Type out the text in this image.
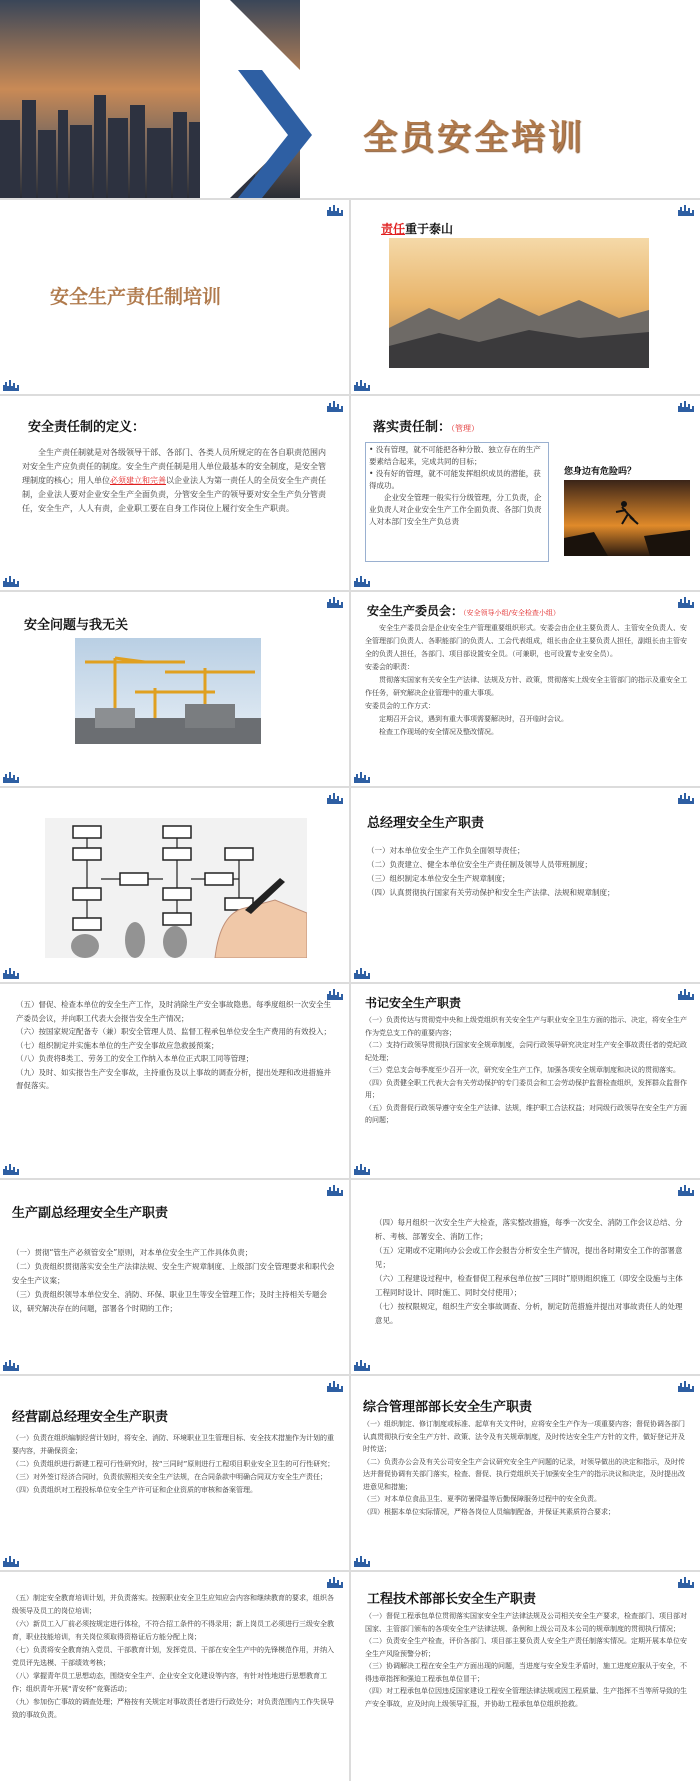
全员安全培训
安全生产责任制培训
责任重于泰山
安全责任制的定义：
全生产责任制就是对各级领导干部、各部门、各类人员所规定的在各自职责范围内对安全生产应负责任的制度。安全生产责任制是用人单位最基本的安全制度，是安全管理制度的核心；用人单位必须建立和完善以企业法人为第一责任人的全员安全生产责任制，企业法人要对企业安全生产全面负责，分管安全生产的领导要对安全生产负分管责任，安全生产，人人有责，企业职工要在自身工作岗位上履行安全生产职责。
落实责任制：（管理）
• 没有管理，就不可能把各种分散、独立存在的生产要素结合起来，完成共同的目标；
• 没有好的管理，就不可能发挥组织成员的潜能，获得成功。
企业安全管理一般实行分级管理，分工负责，企业负责人对企业安全生产工作全面负责、各部门负责人对本部门安全生产负总责
您身边有危险吗？
安全问题与我无关
安全生产委员会：（安全领导小组/安全检查小组）
安全生产委员会是企业安全生产管理重要组织形式。安委会由企业主要负责人、主管安全负责人、安全管理部门负责人、各职能部门的负责人、工会代表组成，组长由企业主要负责人担任，副组长由主管安全的负责人担任，各部门、项目部设置安全员。（可兼职，也可设置专业安全员）。
安委会的职责：
贯彻落实国家有关安全生产法律、法规及方针、政策，贯彻落实上级安全主管部门的指示及重安全工作任务，研究解决企业管理中的重大事项。
安委员会的工作方式：
定期召开会议，遇到有重大事项需要解决时，召开临时会议。
检查工作现场的安全情况及整改情况。
总经理安全生产职责
（一）对本单位安全生产工作负全面领导责任；
（二）负责建立、健全本单位安全生产责任制及领导人员带班制度；
（三）组织制定本单位安全生产规章制度；
（四）认真贯彻执行国家有关劳动保护和安全生产法律、法规和规章制度；
（五）督促、检查本单位的安全生产工作，及时消除生产安全事故隐患。每季度组织一次安全生产委员会议，并向职工代表大会报告安全生产情况；
（六）按国家规定配备专（兼）职安全管理人员、监督工程承包单位安全生产费用的有效投入；
（七）组织制定并实施本单位的生产安全事故应急救援预案；
（八）负责将8类工、劳务工的安全工作纳入本单位正式职工同等管理；
（九）及时、如实报告生产安全事故，主持重伤及以上事故的调查分析，提出处理和改进措施并督促落实。
书记安全生产职责
（一）负责传达与贯彻党中央和上级党组织有关安全生产与职业安全卫生方面的指示、决定，将安全生产作为党总支工作的重要内容；
（二）支持行政领导贯彻执行国家安全规章制度，会同行政领导研究决定对生产安全事故责任者的党纪政纪处理；
（三）党总支会每季度至少召开一次，研究安全生产工作，加强各项安全规章制度和决议的贯彻落实。
（四）负责健全职工代表大会有关劳动保护的专门委员会和工会劳动保护监督检查组织，发挥群众监督作用；
（五）负责督促行政领导遵守安全生产法律、法规，维护职工合法权益；对同级行政领导在安全生产方面的问题；
生产副总经理安全生产职责
（一）贯彻“管生产必须管安全”原则，对本单位安全生产工作具体负责；
（二）负责组织贯彻落实安全生产法律法规、安全生产规章制度、上级部门安全管理要求和职代会安全生产议案；
（三）负责组织领导本单位安全、消防、环保、职业卫生等安全管理工作；及时主持相关专题会议，研究解决存在的问题，部署各个时期的工作；
（四）每月组织一次安全生产大检查，落实整改措施，每季一次安全、消防工作会议总结、分析、考核、部署安全、消防工作；
（五）定期或不定期向办公会或工作会报告分析安全生产情况，提出各时期安全工作的部署意见；
（六）工程建设过程中，检查督促工程承包单位按“三同时”原则组织施工（即安全设施与主体工程同时设计、同时施工、同时交付使用）；
（七）按权限规定，组织生产安全事故调查、分析，制定防范措施并提出对事故责任人的处理意见。
经营副总经理安全生产职责
（一）负责在组织编制经营计划时，将安全、消防、环境职业卫生管理目标、安全技术措施作为计划的重要内容，并确保资金；
（二）负责组织进行新建工程可行性研究时，按“三同时”原则进行工程项目职业安全卫生的可行性研究；
（三）对外签订经济合同时，负责依照相关安全生产法规，在合同条款中明确合同双方安全生产责任；
（四）负责组织对工程投标单位安全生产许可证和企业资质的审核和备案管理。
综合管理部部长安全生产职责
（一）组织制定、修订制度或标准、起草有关文件时，应将安全生产作为一项重要内容；督促协调各部门认真贯彻执行安全生产方针、政策、法令及有关规章制度，及时传达安全生产方针的文件，做好登记并及时传送；
（二）负责办公会及有关公司安全生产会议研究安全生产问题的记录，对领导做出的决定和指示，及时传达并督促协调有关部门落实，检查、督促、执行党组织关于加强安全生产的指示决议和决定，及时提出改进意见和措施；
（三）对本单位食品卫生、夏季防暑降温等后勤保障服务过程中的安全负责。
（四）根据本单位实际情况，严格各岗位人员编制配备，并保证其素质符合要求；
（五）制定安全教育培训计划，并负责落实。按照职业安全卫生应知应会内容和继续教育的要求，组织各级领导及员工的岗位培训；
（六）新员工入厂前必须按规定进行体检，不符合招工条件的不得录用；新上岗员工必须进行三级安全教育，职业技能培训，有关岗位须取得资格证后方能分配上岗；
（七）负责将安全教育纳入党员、干部教育计划，发挥党员、干部在安全生产中的先锋模范作用，并纳入党员评先选模、干部绩效考核；
（八）掌握青年员工思想动态，围绕安全生产、企业安全文化建设等内容，有针对性地进行思想教育工作；组织青年开展“青安杯”竞赛活动；
（九）参加伤亡事故的调查处理；严格按有关规定对事故责任者进行行政处分；对负责范围内工作失误导致的事故负责。
工程技术部部长安全生产职责
（一）督促工程承包单位贯彻落实国家安全生产法律法规及公司相关安全生产要求，检查部门、项目部对国家、主管部门颁布的各项安全生产法律法规、条例和上级公司及本公司的规章制度的贯彻执行情况；
（二）负责安全生产检查，评价各部门、项目部主要负责人安全生产责任制落实情况。定期开展本单位安全生产风险预警分析；
（三）协调解决工程在安全生产方面出现的问题，当进度与安全发生矛盾时，施工进度应服从于安全，不得违章指挥和强迫工程承包单位冒干；
（四）对工程承包单位因违反国家建设工程安全管理法律法规或因工程质量、生产指挥不当等所导致的生产安全事故，应及时向上级领导汇报，并协助工程承包单位组织抢救。
